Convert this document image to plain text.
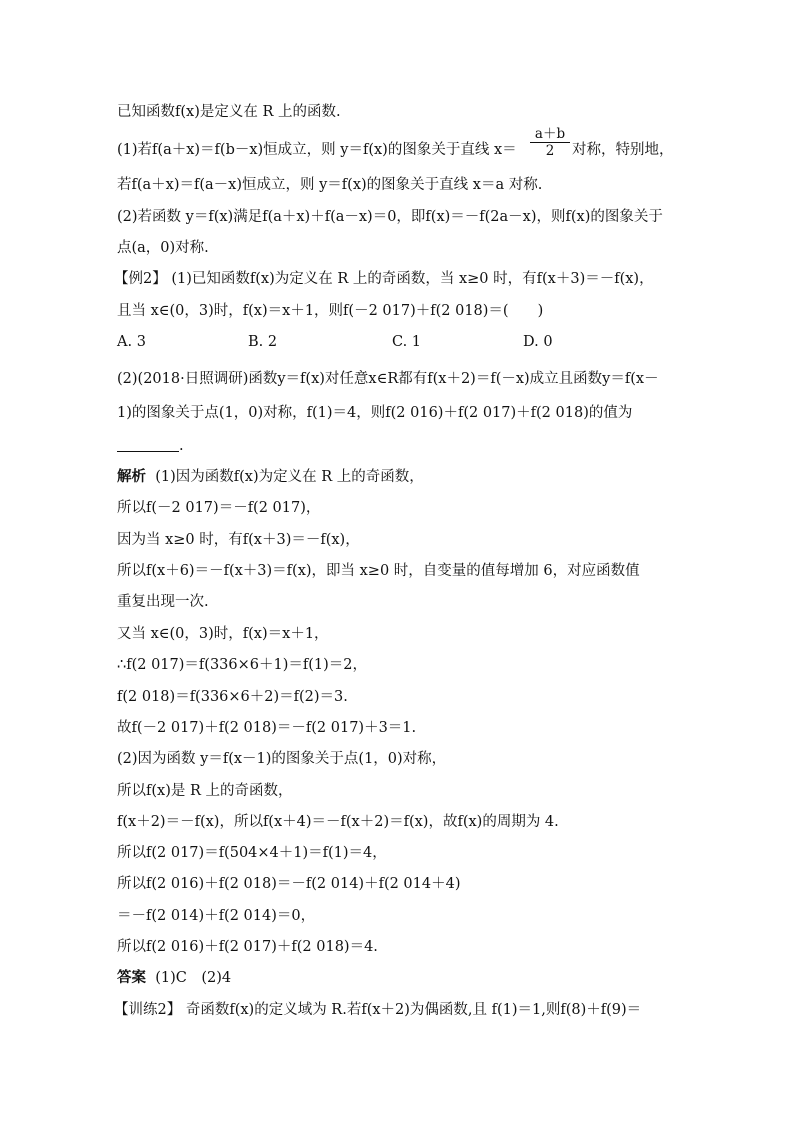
已知函数f(x)是定义在 R 上的函数.
(1)若f(a＋x)＝f(b－x)恒成立，则 y＝f(x)的图象关于直线 x＝
a＋b
2	对称，特别地，
若f(a＋x)＝f(a－x)恒成立，则 y＝f(x)的图象关于直线 x＝a 对称.
(2)若函数 y＝f(x)满足f(a＋x)＋f(a－x)＝0，即f(x)＝－f(2a－x)，则f(x)的图象关于
点(a，0)对称.
【例2】 (1)已知函数f(x)为定义在 R 上的奇函数，当 x≥0 时，有f(x＋3)＝－f(x)，
且当 x∈(0，3)时，f(x)＝x＋1，则f(－2 017)＋f(2 018)＝(　　)
A. 3	B. 2	C. 1	D. 0
(2)(2018·日照调研)函数y＝f(x)对任意x∈R都有f(x＋2)＝f(－x)成立且函数y＝f(x－
1)的图象关于点(1，0)对称，f(1)＝4，则f(2 016)＋f(2 017)＋f(2 018)的值为
.
解析 (1)因为函数f(x)为定义在 R 上的奇函数，
所以f(－2 017)＝－f(2 017)，
因为当 x≥0 时，有f(x＋3)＝－f(x)，
所以f(x＋6)＝－f(x＋3)＝f(x)，即当 x≥0 时，自变量的值每增加 6，对应函数值
重复出现一次.
又当 x∈(0，3)时，f(x)＝x＋1，
∴f(2 017)＝f(336×6＋1)＝f(1)＝2，
f(2 018)＝f(336×6＋2)＝f(2)＝3.
故f(－2 017)＋f(2 018)＝－f(2 017)＋3＝1.
(2)因为函数 y＝f(x－1)的图象关于点(1，0)对称，
所以f(x)是 R 上的奇函数，
f(x＋2)＝－f(x)，所以f(x＋4)＝－f(x＋2)＝f(x)，故f(x)的周期为 4.
所以f(2 017)＝f(504×4＋1)＝f(1)＝4，
所以f(2 016)＋f(2 018)＝－f(2 014)＋f(2 014＋4)
＝－f(2 014)＋f(2 014)＝0，
所以f(2 016)＋f(2 017)＋f(2 018)＝4.
答案 (1)C　(2)4
【训练2】 奇函数f(x)的定义域为 R.若f(x＋2)为偶函数,且 f(1)＝1,则f(8)＋f(9)＝
